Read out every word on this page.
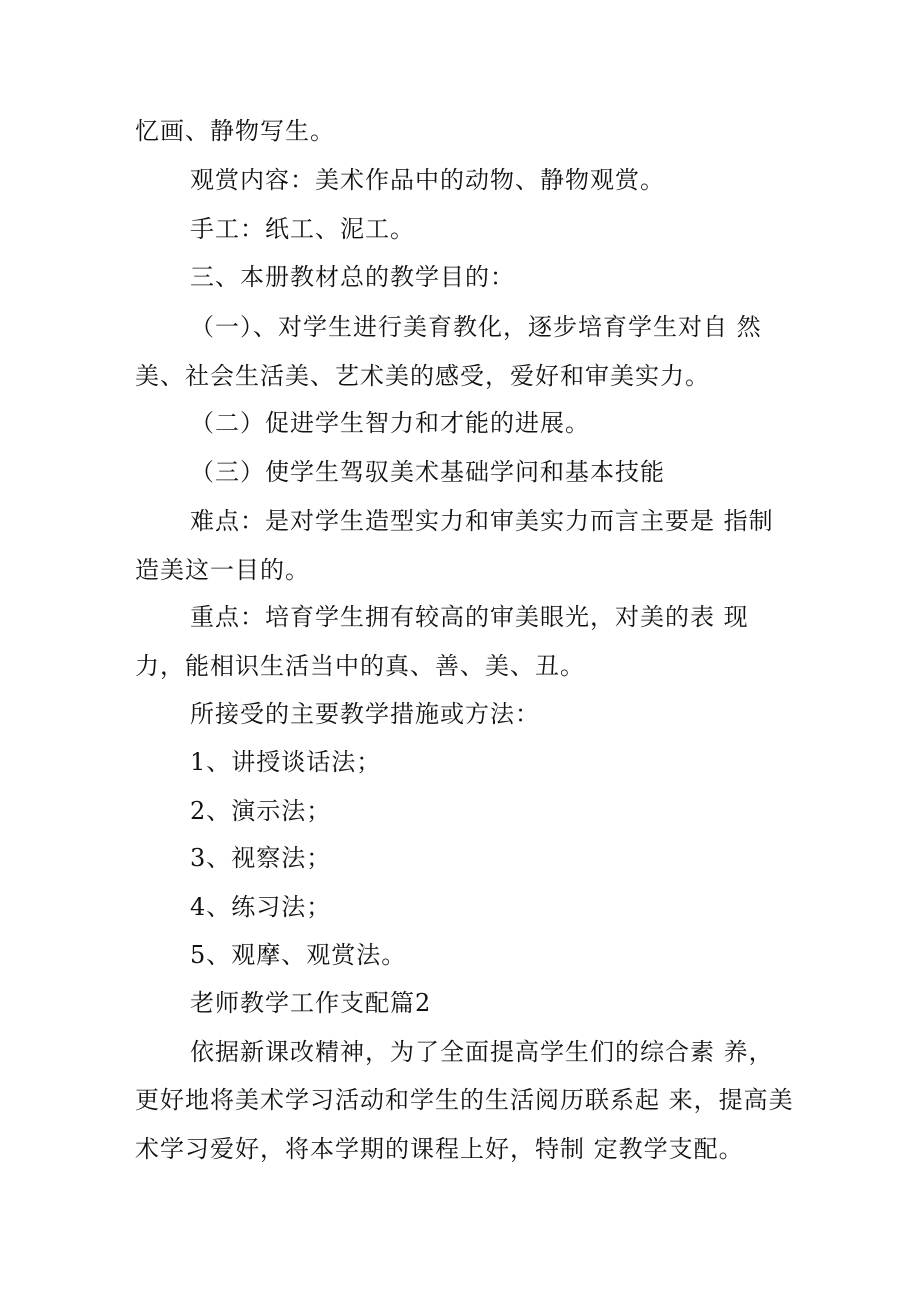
忆画、静物写生。
观赏内容：美术作品中的动物、静物观赏。
手工：纸工、泥工。
三、本册教材总的教学目的：
（一）、对学生进行美育教化，逐步培育学生对自 然
美、社会生活美、艺术美的感受，爱好和审美实力。
（二）促进学生智力和才能的进展。
（三）使学生驾驭美术基础学问和基本技能
难点：是对学生造型实力和审美实力而言主要是 指制
造美这一目的。
重点：培育学生拥有较高的审美眼光，对美的表 现
力，能相识生活当中的真、善、美、丑。
所接受的主要教学措施或方法：
1、讲授谈话法；
2、演示法；
3、视察法；
4、练习法；
5、观摩、观赏法。
老师教学工作支配篇2
依据新课改精神，为了全面提高学生们的综合素 养，
更好地将美术学习活动和学生的生活阅历联系起 来，提高美
术学习爱好，将本学期的课程上好，特制 定教学支配。
